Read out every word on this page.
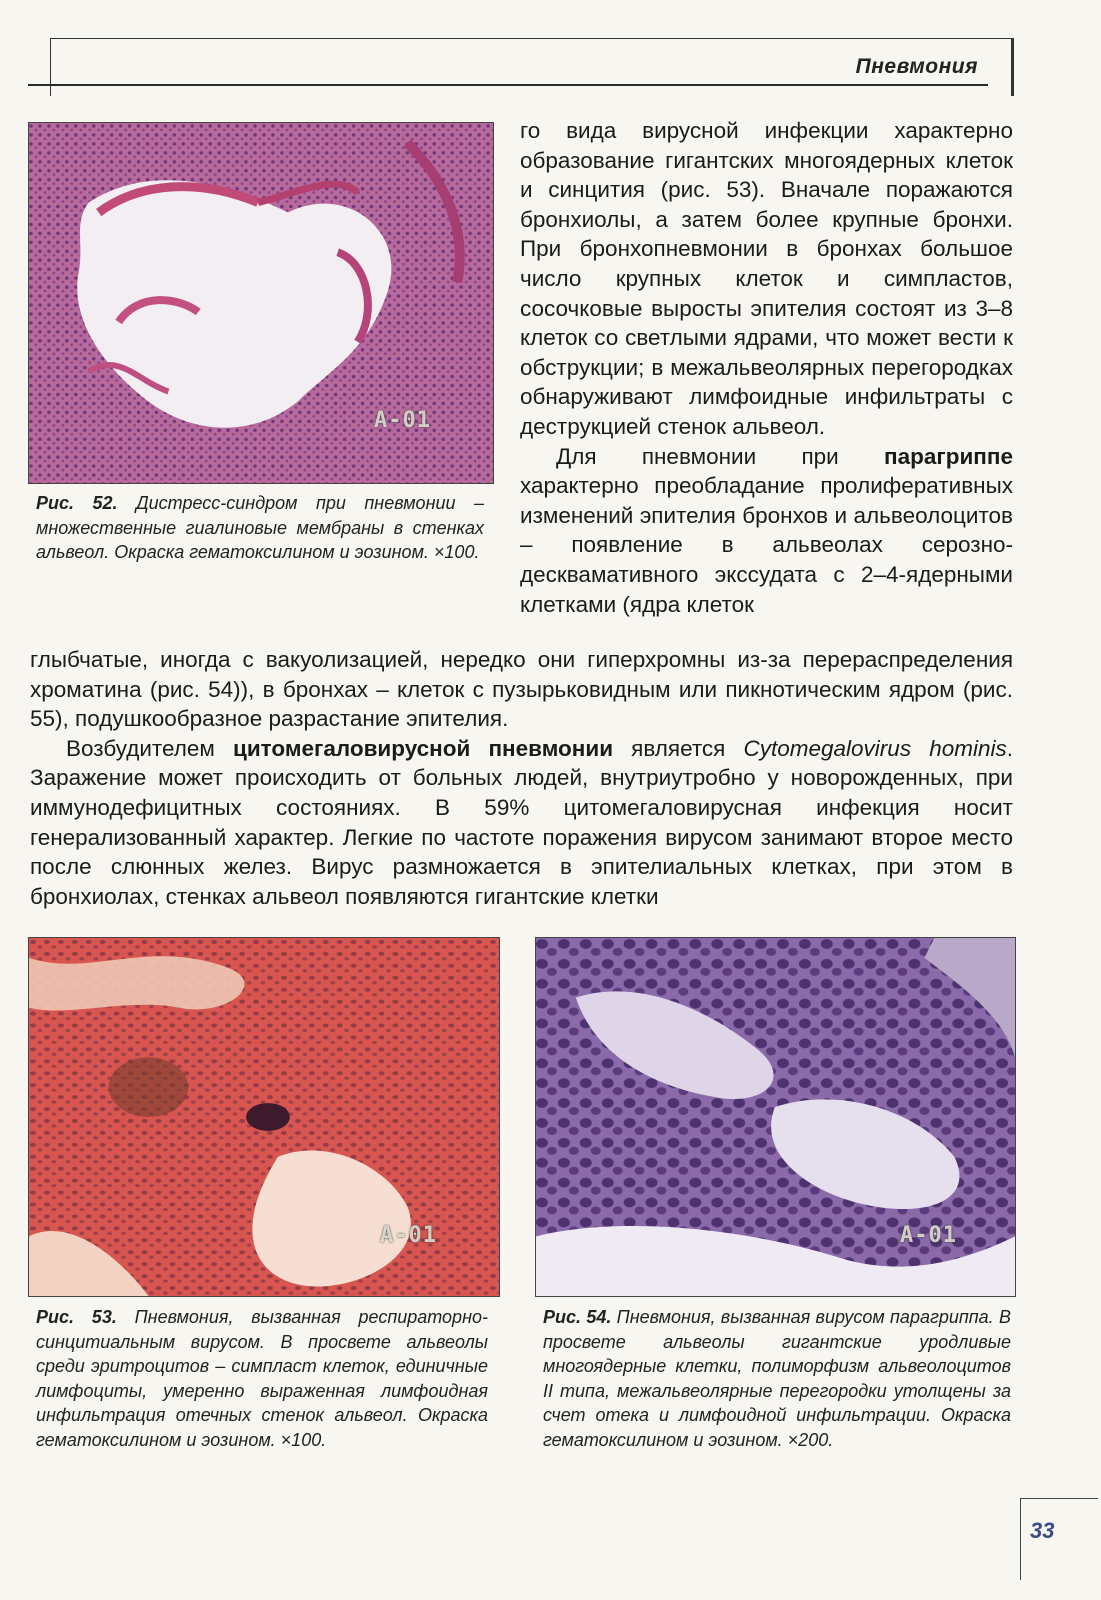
Пневмония
A-01
Рис. 52. Дистресс-синдром при пневмонии – множественные гиалиновые мембраны в стенках альвеол. Окраска гематоксилином и эозином. ×100.

го вида вирусной инфекции характерно образование гигантских многоядерных клеток и синцития (рис. 53). Вначале поражаются бронхиолы, а затем более крупные бронхи. При бронхопневмонии в бронхах большое число крупных клеток и симпластов, сосочковые выросты эпителия состоят из 3–8 клеток со светлыми ядрами, что может вести к обструкции; в межальвеолярных перегородках обнаруживают лимфоидные инфильтраты с деструкцией стенок альвеол.

Для пневмонии при парагриппе характерно преобладание пролиферативных изменений эпителия бронхов и альвеолоцитов – появление в альвеолах серозно-десквамативного экссудата с 2–4-ядерными клетками (ядра клеток

глыбчатые, иногда с вакуолизацией, нередко они гиперхромны из-за перераспределения хроматина (рис. 54)), в бронхах – клеток с пузырьковидным или пикнотическим ядром (рис. 55), подушкообразное разрастание эпителия.

Возбудителем цитомегаловирусной пневмонии является Cytomegalovirus hominis. Заражение может происходить от больных людей, внутриутробно у новорожденных, при иммунодефицитных состояниях. В 59% цитомегаловирусная инфекция носит генерализованный характер. Легкие по частоте поражения вирусом занимают второе место после слюнных желез. Вирус размножается в эпителиальных клетках, при этом в бронхиолах, стенках альвеол появляются гигантские клетки

A-01
Рис. 53. Пневмония, вызванная респираторно-синцитиальным вирусом. В просвете альвеолы среди эритроцитов – симпласт клеток, единичные лимфоциты, умеренно выраженная лимфоидная инфильтрация отечных стенок альвеол. Окраска гематоксилином и эозином. ×100.
A-01
Рис. 54. Пневмония, вызванная вирусом парагриппа. В просвете альвеолы гигантские уродливые многоядерные клетки, полиморфизм альвеолоцитов II типа, межальвеолярные перегородки утолщены за счет отека и лимфоидной инфильтрации. Окраска гематоксилином и эозином. ×200.
33
